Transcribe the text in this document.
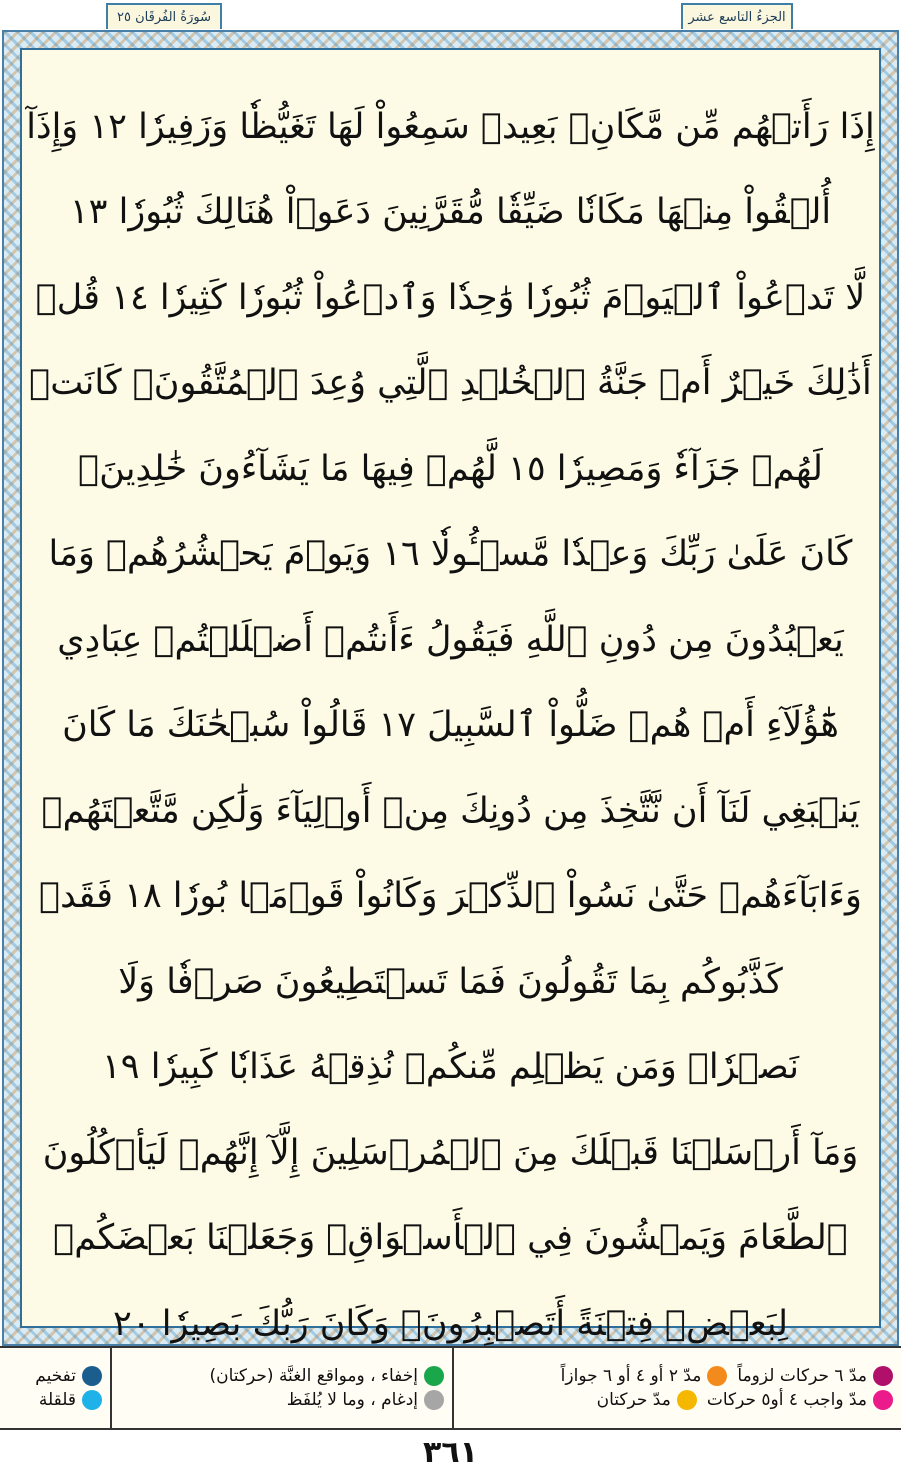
سُورَةُ الفُرقَان ٢٥	الجزءُ التاسع عشر
إِذَا رَأَتۡهُم مِّن مَّكَانِۭ بَعِيدٖ سَمِعُواْ لَهَا تَغَيُّظٗا وَزَفِيرٗا ١٢ وَإِذَآ
أُلۡقُواْ مِنۡهَا مَكَانٗا ضَيِّقٗا مُّقَرَّنِينَ دَعَوۡاْ هُنَالِكَ ثُبُورٗا ١٣
لَّا تَدۡعُواْ ٱلۡيَوۡمَ ثُبُورٗا وَٰحِدٗا وَٱدۡعُواْ ثُبُورٗا كَثِيرٗا ١٤ قُلۡ
أَذَٰلِكَ خَيۡرٌ أَمۡ جَنَّةُ ٱلۡخُلۡدِ ٱلَّتِي وُعِدَ ٱلۡمُتَّقُونَۚ كَانَتۡ
لَهُمۡ جَزَآءٗ وَمَصِيرٗا ١٥ لَّهُمۡ فِيهَا مَا يَشَآءُونَ خَٰلِدِينَۚ
كَانَ عَلَىٰ رَبِّكَ وَعۡدٗا مَّسۡـُٔولٗا ١٦ وَيَوۡمَ يَحۡشُرُهُمۡ وَمَا
يَعۡبُدُونَ مِن دُونِ ٱللَّهِ فَيَقُولُ ءَأَنتُمۡ أَضۡلَلۡتُمۡ عِبَادِي
هَٰٓؤُلَآءِ أَمۡ هُمۡ ضَلُّواْ ٱلسَّبِيلَ ١٧ قَالُواْ سُبۡحَٰنَكَ مَا كَانَ
يَنۢبَغِي لَنَآ أَن نَّتَّخِذَ مِن دُونِكَ مِنۡ أَوۡلِيَآءَ وَلَٰكِن مَّتَّعۡتَهُمۡ
وَءَابَآءَهُمۡ حَتَّىٰ نَسُواْ ٱلذِّكۡرَ وَكَانُواْ قَوۡمَۢا بُورٗا ١٨ فَقَدۡ
كَذَّبُوكُم بِمَا تَقُولُونَ فَمَا تَسۡتَطِيعُونَ صَرۡفٗا وَلَا
نَصۡرٗاۚ وَمَن يَظۡلِم مِّنكُمۡ نُذِقۡهُ عَذَابٗا كَبِيرٗا ١٩
وَمَآ أَرۡسَلۡنَا قَبۡلَكَ مِنَ ٱلۡمُرۡسَلِينَ إِلَّآ إِنَّهُمۡ لَيَأۡكُلُونَ
ٱلطَّعَامَ وَيَمۡشُونَ فِي ٱلۡأَسۡوَاقِۗ وَجَعَلۡنَا بَعۡضَكُمۡ
لِبَعۡضٖ فِتۡنَةً أَتَصۡبِرُونَۗ وَكَانَ رَبُّكَ بَصِيرٗا ٢٠
مدّ ٦ حركات لزوماً
مدّ ٢ أو ٤ أو ٦ جوازاً
مدّ واجب ٤ أو٥ حركات
مدّ حركتان
إخفاء ، ومواقع الغنَّة (حركتان)
إدغام ، وما لا يُلفَظ
تفخيم
قلقلة
٣٦١
